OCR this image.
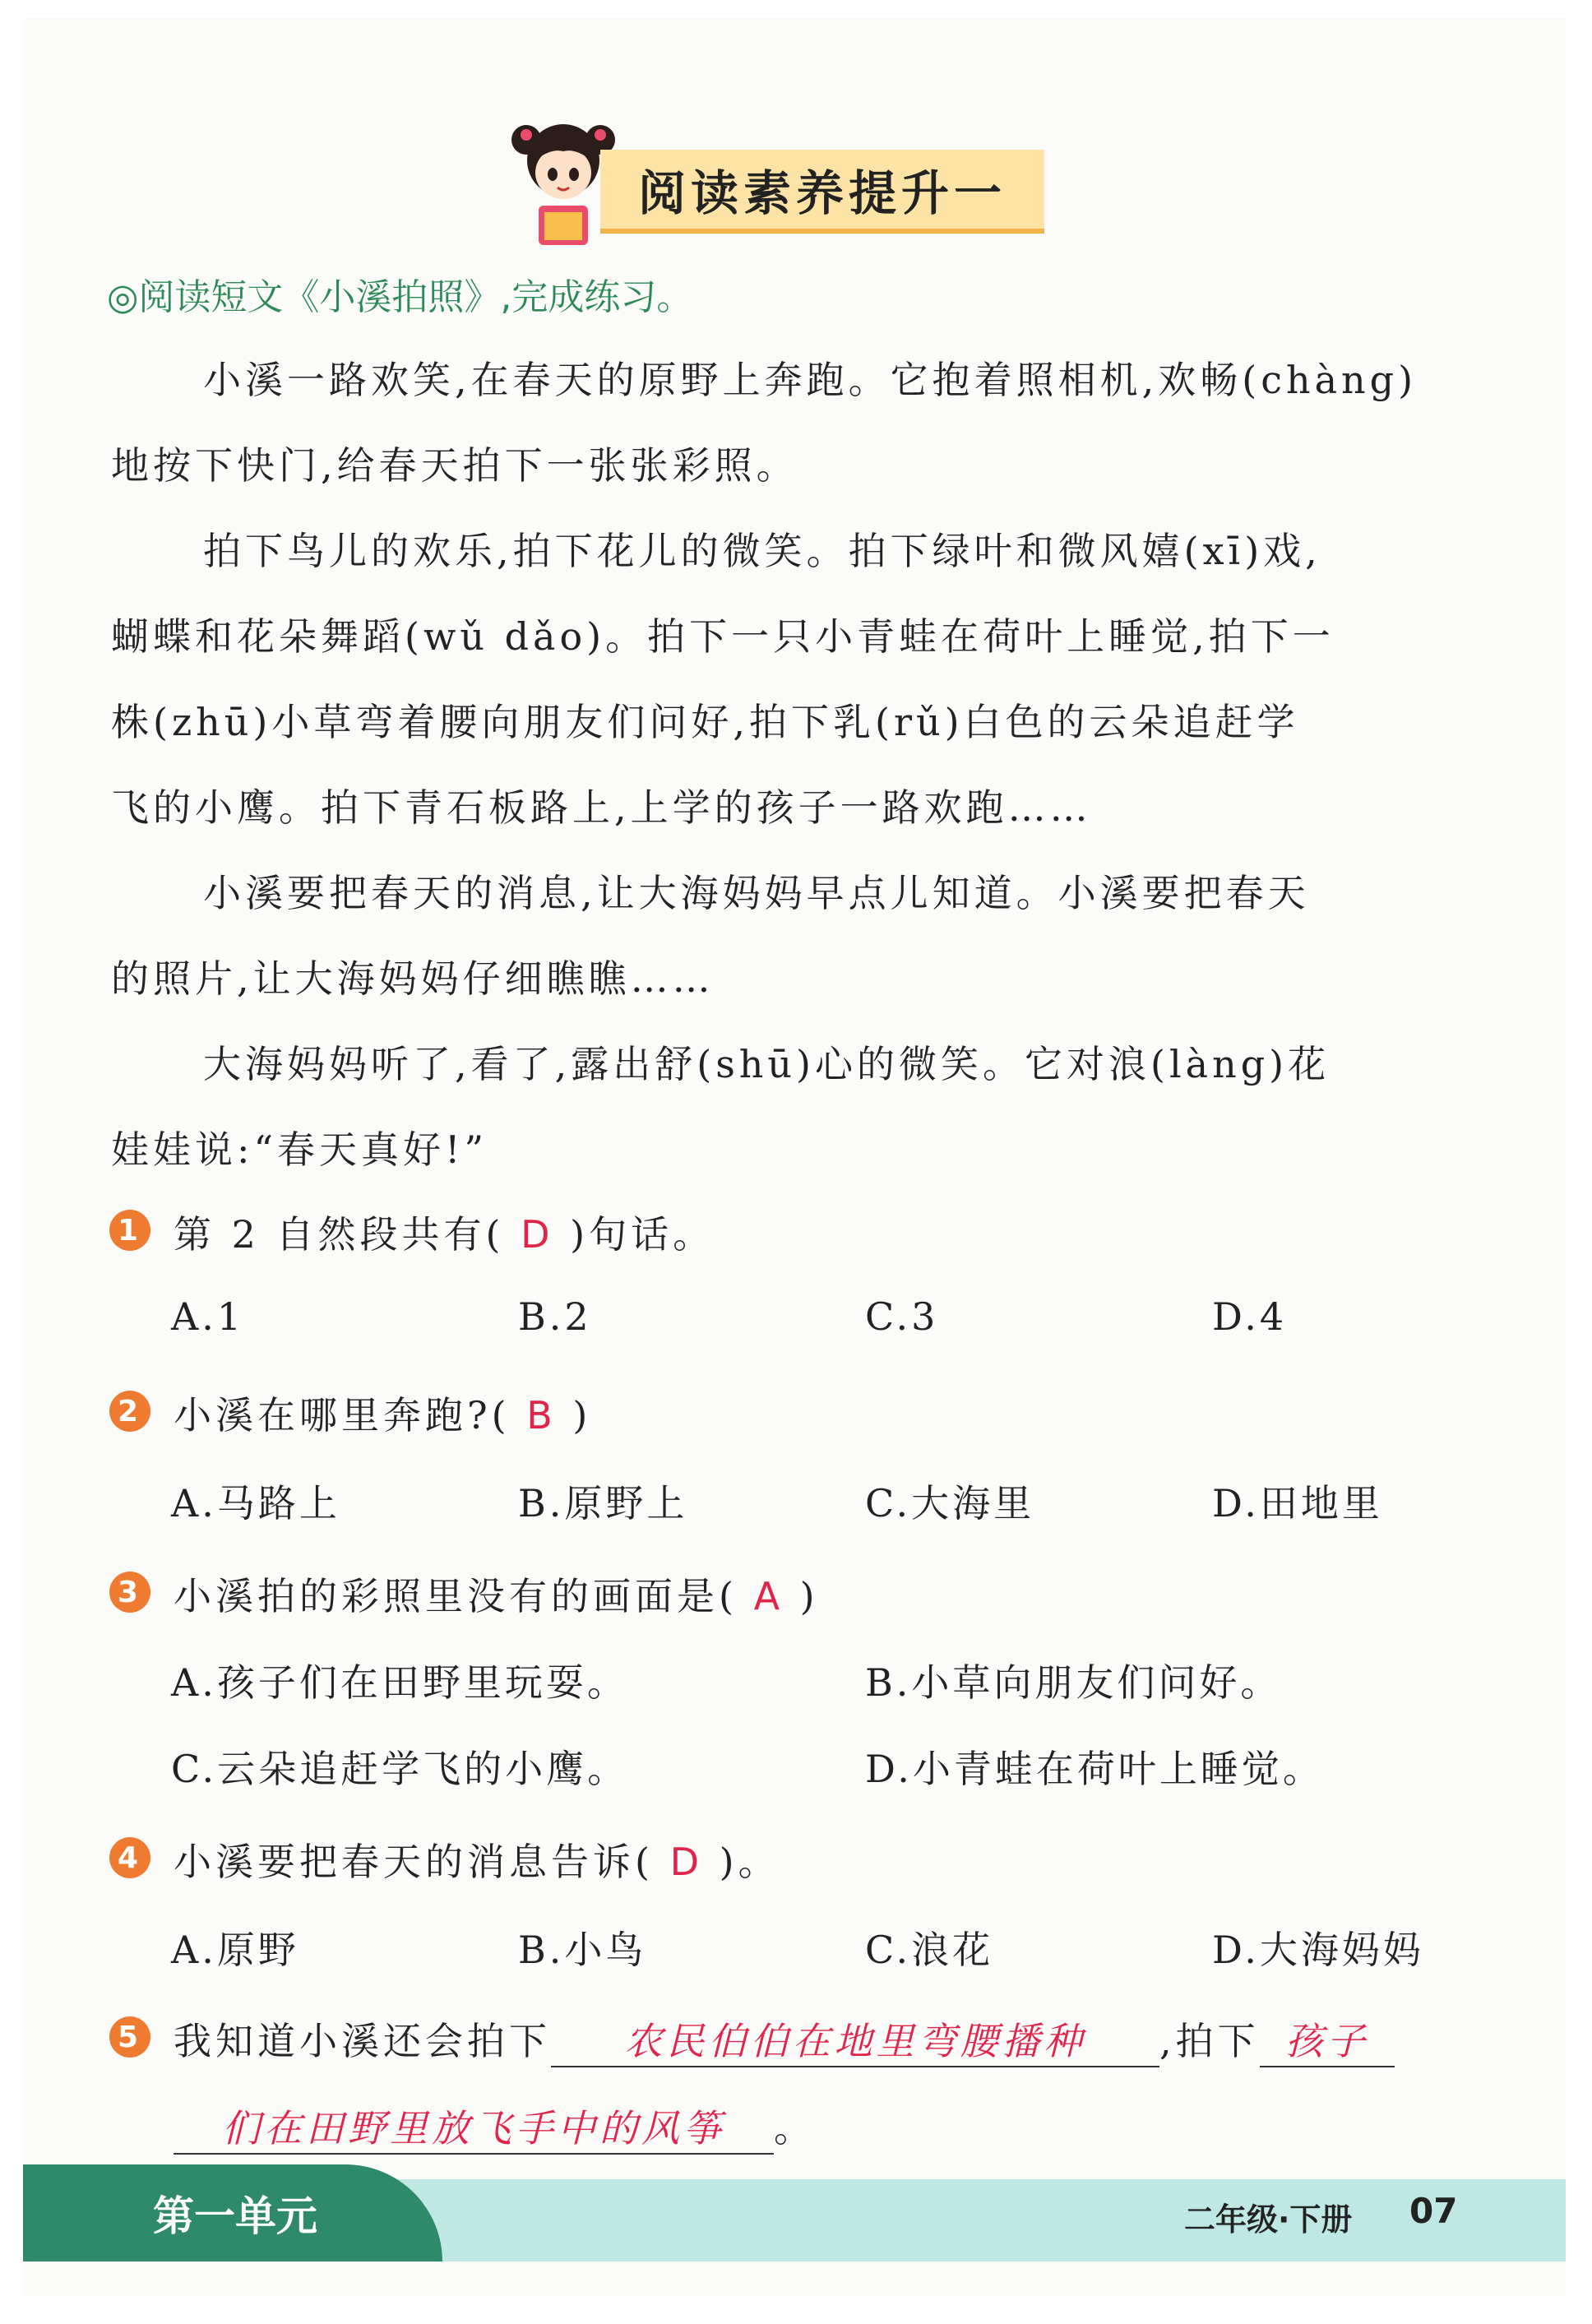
阅读素养提升一
◎阅读短文《小溪拍照》,完成练习。
小溪一路欢笑,在春天的原野上奔跑。它抱着照相机,欢畅(chàng)
地按下快门,给春天拍下一张张彩照。
拍下鸟儿的欢乐,拍下花儿的微笑。拍下绿叶和微风嬉(xī)戏,
蝴蝶和花朵舞蹈(wǔ dǎo)。拍下一只小青蛙在荷叶上睡觉,拍下一
株(zhū)小草弯着腰向朋友们问好,拍下乳(rǔ)白色的云朵追赶学
飞的小鹰。拍下青石板路上,上学的孩子一路欢跑……
小溪要把春天的消息,让大海妈妈早点儿知道。小溪要把春天
的照片,让大海妈妈仔细瞧瞧……
大海妈妈听了,看了,露出舒(shū)心的微笑。它对浪(làng)花
娃娃说:“春天真好!”
1 第 2 自然段共有( D )句话。
A.1	B.2	C.3	D.4
2 小溪在哪里奔跑?( B )
A.马路上	B.原野上	C.大海里	D.田地里
3 小溪拍的彩照里没有的画面是( A )
A.孩子们在田野里玩耍。	B.小草向朋友们问好。
C.云朵追赶学飞的小鹰。	D.小青蛙在荷叶上睡觉。
4 小溪要把春天的消息告诉( D )。
A.原野	B.小鸟	C.浪花	D.大海妈妈
5 我知道小溪还会拍下 农民伯伯在地里弯腰播种 ,拍下 孩子
们在田野里放飞手中的风筝 。
第一单元	二年级·下册 07
